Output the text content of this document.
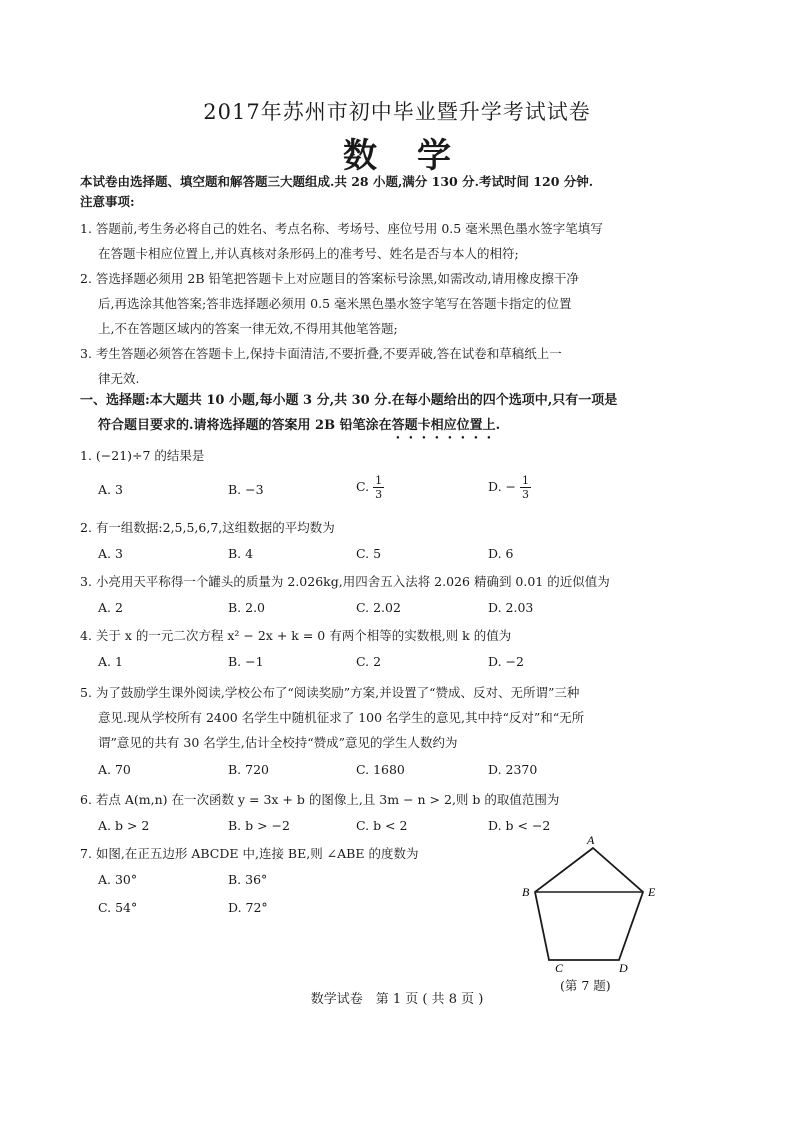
2017年苏州市初中毕业暨升学考试试卷
数学
本试卷由选择题、填空题和解答题三大题组成.共 28 小题,满分 130 分.考试时间 120 分钟.
注意事项:
1. 答题前,考生务必将自己的姓名、考点名称、考场号、座位号用 0.5 毫米黑色墨水签字笔填写
在答题卡相应位置上,并认真核对条形码上的准考号、姓名是否与本人的相符;
2. 答选择题必须用 2B 铅笔把答题卡上对应题目的答案标号涂黑,如需改动,请用橡皮擦干净
后,再选涂其他答案;答非选择题必须用 0.5 毫米黑色墨水签字笔写在答题卡指定的位置
上,不在答题区域内的答案一律无效,不得用其他笔答题;
3. 考生答题必须答在答题卡上,保持卡面清洁,不要折叠,不要弄破,答在试卷和草稿纸上一
律无效.
一、选择题:本大题共 10 小题,每小题 3 分,共 30 分.在每小题给出的四个选项中,只有一项是
符合题目要求的.请将选择题的答案用 2B 铅笔涂在答题卡相应位置上.
1. (−21)÷7 的结果是
A. 3	B. −3	C. $\frac{1}{3}$	D. − $\frac{1}{3}$
2. 有一组数据:2,5,5,6,7,这组数据的平均数为
A. 3	B. 4	C. 5	D. 6
3. 小亮用天平称得一个罐头的质量为 2.026kg,用四舍五入法将 2.026 精确到 0.01 的近似值为
A. 2	B. 2.0	C. 2.02	D. 2.03
4. 关于 x 的一元二次方程 x² − 2x + k = 0 有两个相等的实数根,则 k 的值为
A. 1	B. −1	C. 2	D. −2
5. 为了鼓励学生课外阅读,学校公布了“阅读奖励”方案,并设置了“赞成、反对、无所谓”三种
意见.现从学校所有 2400 名学生中随机征求了 100 名学生的意见,其中持“反对”和“无所
谓”意见的共有 30 名学生,估计全校持“赞成”意见的学生人数约为
A. 70	B. 720	C. 1680	D. 2370
6. 若点 A(m,n) 在一次函数 y = 3x + b 的图像上,且 3m − n > 2,则 b 的取值范围为
A. b > 2	B. b > −2	C. b < 2	D. b < −2
7. 如图,在正五边形 ABCDE 中,连接 BE,则 ∠ABE 的度数为
A. 30°	B. 36°
C. 54°	D. 72°
A
B	E
C	D
(第 7 题)
数学试卷　第 1 页 ( 共 8 页 )
